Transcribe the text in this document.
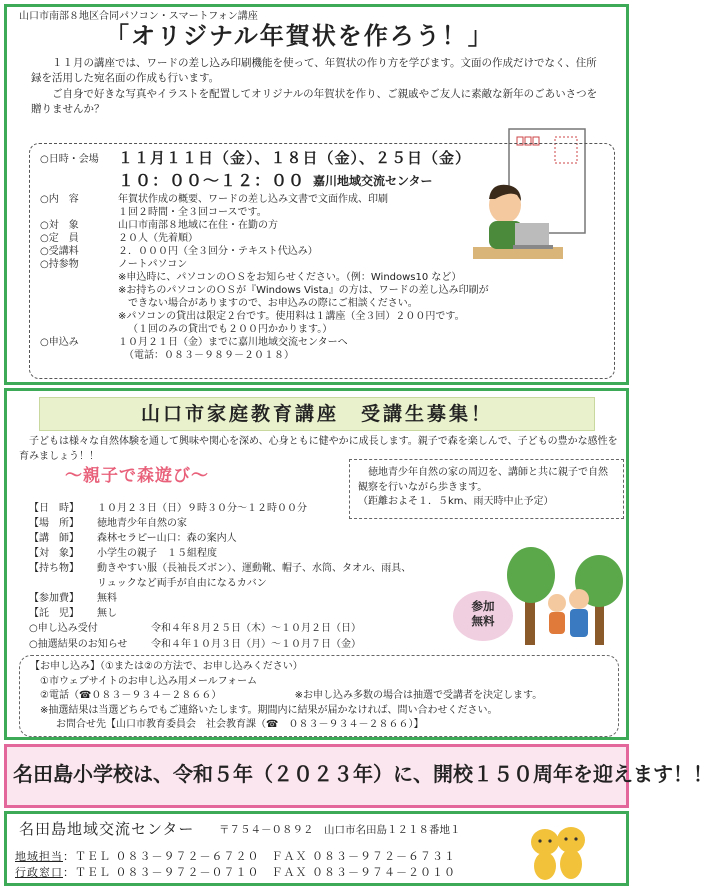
山口市南部８地区合同パソコン・スマートフォン講座
「オリジナル年賀状を作ろう！」

１１月の講座では、ワードの差し込み印刷機能を使って、年賀状の作り方を学びます。文面の作成だけでなく、住所録を活用した宛名面の作成も行います。

ご自身で好きな写真やイラストを配置してオリジナルの年賀状を作り、ご親戚やご友人に素敵な新年のごあいさつを贈りませんか？

○日時・会場	１１月１１日（金）、１８日（金）、２５日（金）
１０：００～１２：００ 嘉川地域交流センター
○内　容	年賀状作成の概要、ワードの差し込み文書で文面作成、印刷
１回２時間・全３回コースです。
○対　象	山口市南部８地域に在住・在勤の方
○定　員	２０人（先着順）
○受講料	２．０００円（全３回分・テキスト代込み）
○持参物	ノートパソコン
※申込時に、パソコンのＯＳをお知らせください。（例：Windows10 など）
※お持ちのパソコンのＯＳが『Windows Vista』の方は、ワードの差し込み印刷が
できない場合がありますので、お申込みの際にご相談ください。
※パソコンの貸出は限定２台です。使用料は１講座（全３回）２００円です。
（１回のみの貸出でも２００円かかります。）
○申込み	１０月２１日（金）までに嘉川地域交流センターへ
（電話：０８３－９８９－２０１８）
山口市家庭教育講座　受講生募集！

子どもは様々な自然体験を通して興味や関心を深め、心身ともに健やかに成長します。親子で森を楽しんで、子どもの豊かな感性を育みましょう！！

～親子で森遊び～	徳地青少年自然の家の周辺を、講師と共に親子で自然観察を行いながら歩きます。

（距離およそ１．５km、雨天時中止予定）
【日　時】	１０月２３日（日）９時３０分～１２時００分
【場　所】	徳地青少年自然の家
【講　師】	森林セラピー山口：森の案内人
【対　象】	小学生の親子　１５組程度
【持ち物】	動きやすい服（長袖長ズボン）、運動靴、帽子、水筒、タオル、雨具、
リュックなど両手が自由になるカバン
【参加費】	無料
【託　児】	無し
○申し込み受付	令和４年８月２５日（木）～１０月２日（日）
○抽選結果のお知らせ	令和４年１０月３日（月）～１０月７日（金）
参加
無料
【お申し込み】（①または②の方法で、お申し込みください）
①市ウェブサイトのお申し込み用メールフォーム
②電話（☎０８３－９３４－２８６６）	※お申し込み多数の場合は抽選で受講者を決定します。
※抽選結果は当選どちらでもご連絡いたします。期間内に結果が届かなければ、問い合わせください。
お問合せ先【山口市教育委員会　社会教育課（☎　０８３－９３４－２８６６）】
名田島小学校は、令和５年（２０２３年）に、開校１５０周年を迎えます！！
名田島地域交流センター 〒７５４－０８９２　山口市名田島１２１８番地１
地域担当：ＴＥＬ ０８３－９７２－６７２０　ＦＡＸ ０８３－９７２－６７３１
行政窓口：ＴＥＬ ０８３－９７２－０７１０　ＦＡＸ ０８３－９７４－２０１０
